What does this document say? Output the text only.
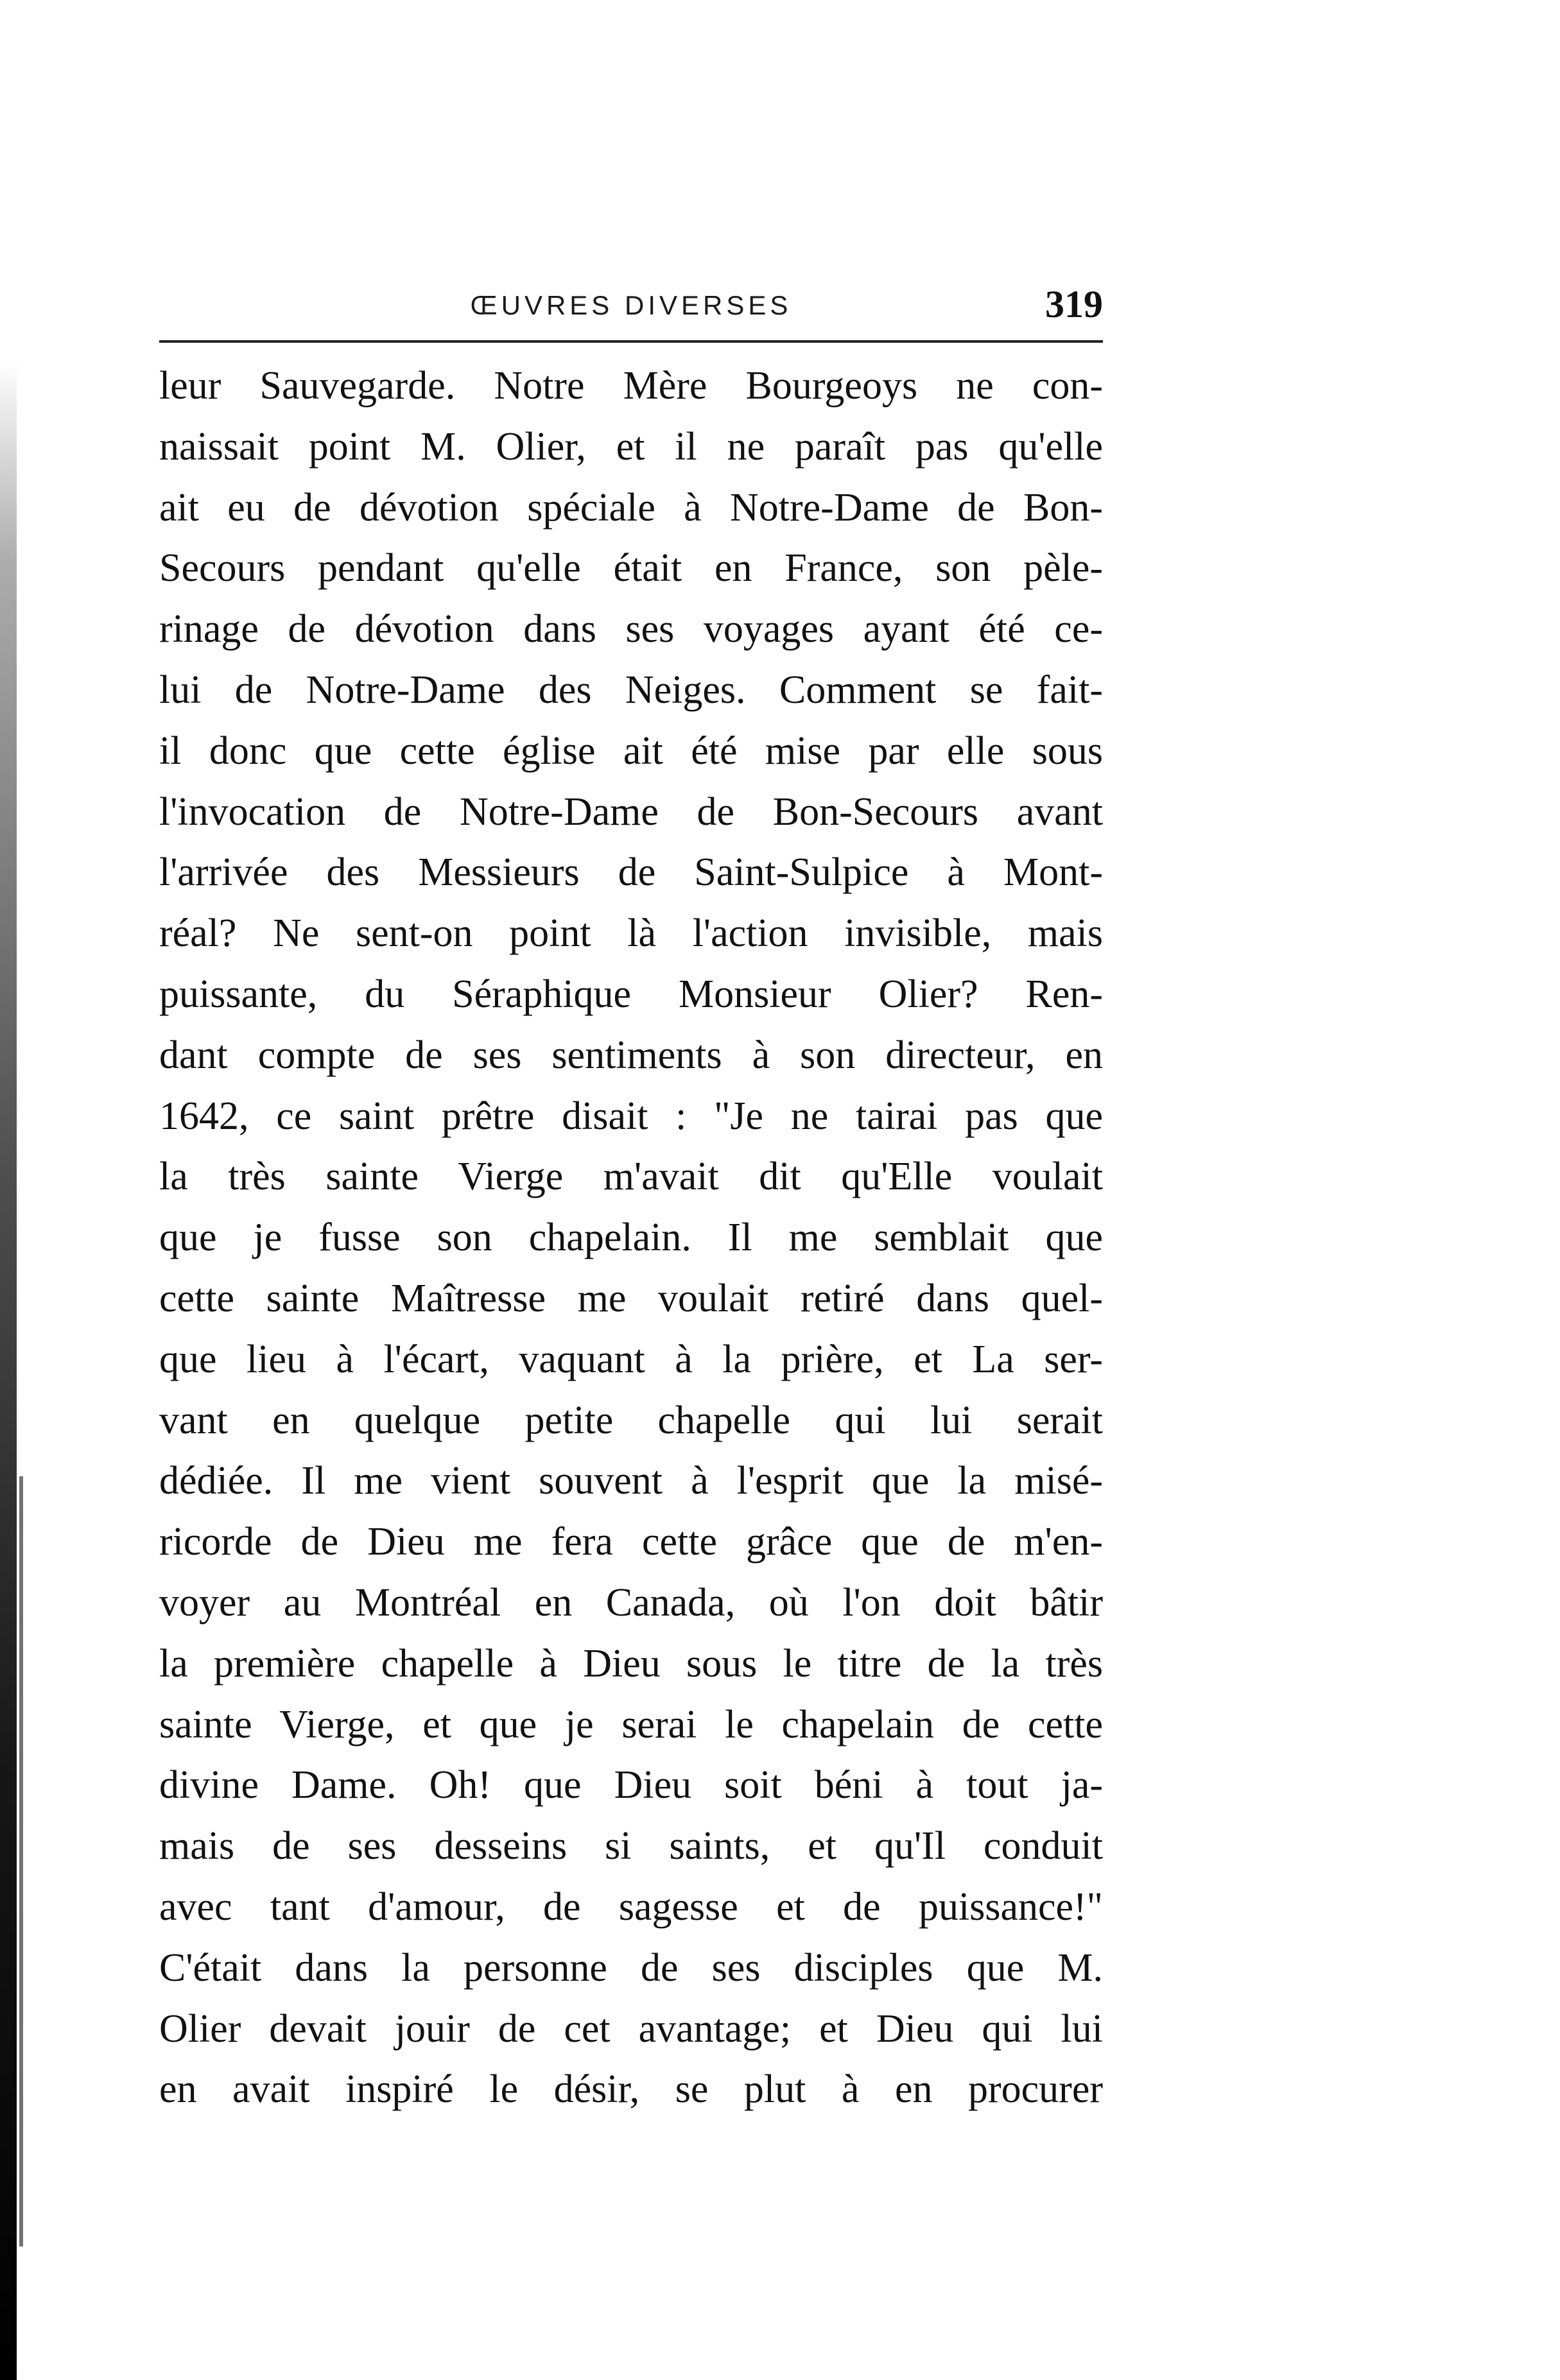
ŒUVRES DIVERSES	319
leur Sauvegarde. Notre Mère Bourgeoys ne con-
naissait point M. Olier, et il ne paraît pas qu'elle
ait eu de dévotion spéciale à Notre-Dame de Bon-
Secours pendant qu'elle était en France, son pèle-
rinage de dévotion dans ses voyages ayant été ce-
lui de Notre-Dame des Neiges. Comment se fait-
il donc que cette église ait été mise par elle sous
l'invocation de Notre-Dame de Bon-Secours avant
l'arrivée des Messieurs de Saint-Sulpice à Mont-
réal? Ne sent-on point là l'action invisible, mais
puissante, du Séraphique Monsieur Olier? Ren-
dant compte de ses sentiments à son directeur, en
1642, ce saint prêtre disait : "Je ne tairai pas que
la très sainte Vierge m'avait dit qu'Elle voulait
que je fusse son chapelain. Il me semblait que
cette sainte Maîtresse me voulait retiré dans quel-
que lieu à l'écart, vaquant à la prière, et La ser-
vant en quelque petite chapelle qui lui serait
dédiée. Il me vient souvent à l'esprit que la misé-
ricorde de Dieu me fera cette grâce que de m'en-
voyer au Montréal en Canada, où l'on doit bâtir
la première chapelle à Dieu sous le titre de la très
sainte Vierge, et que je serai le chapelain de cette
divine Dame. Oh! que Dieu soit béni à tout ja-
mais de ses desseins si saints, et qu'Il conduit
avec tant d'amour, de sagesse et de puissance!"
C'était dans la personne de ses disciples que M.
Olier devait jouir de cet avantage; et Dieu qui lui
en avait inspiré le désir, se plut à en procurer
